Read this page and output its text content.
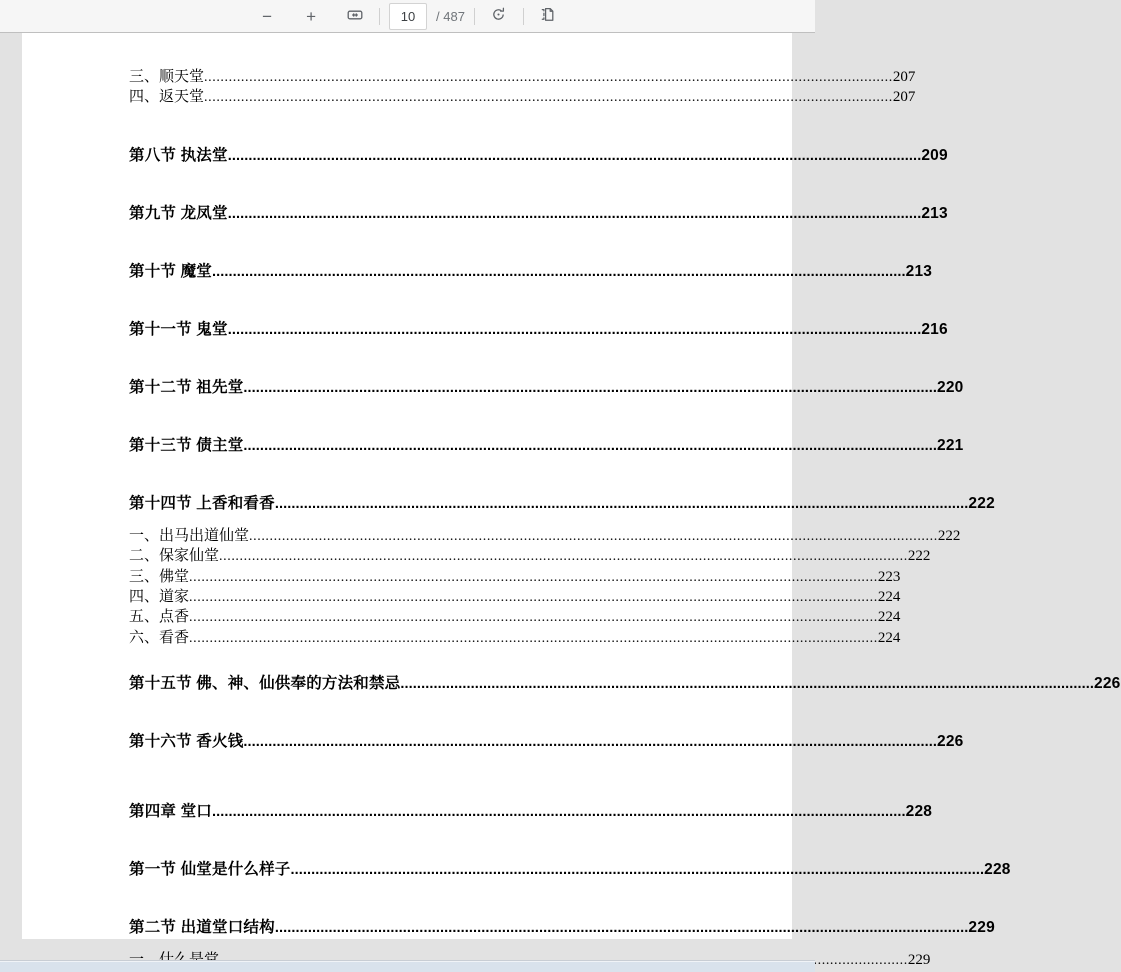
− +
10	/ 487
三、顺天堂 .....	207
四、返天堂 .....	207
第八节 执法堂 .....	209
第九节 龙凤堂 .....	213
第十节 魔堂 .....	213
第十一节 鬼堂 .....	216
第十二节 祖先堂 .....	220
第十三节 债主堂 .....	221
第十四节 上香和看香 .....	222
一、出马出道仙堂 .....	222
二、保家仙堂 .....	222
三、佛堂 .....	223
四、道家 .....	224
五、点香 .....	224
六、看香 .....	224
第十五节 佛、神、仙供奉的方法和禁忌 .....	226
第十六节 香火钱 .....	226
第四章 堂口 .....	228
第一节 仙堂是什么样子 .....	228
第二节 出道堂口结构 .....	229
.....
229
